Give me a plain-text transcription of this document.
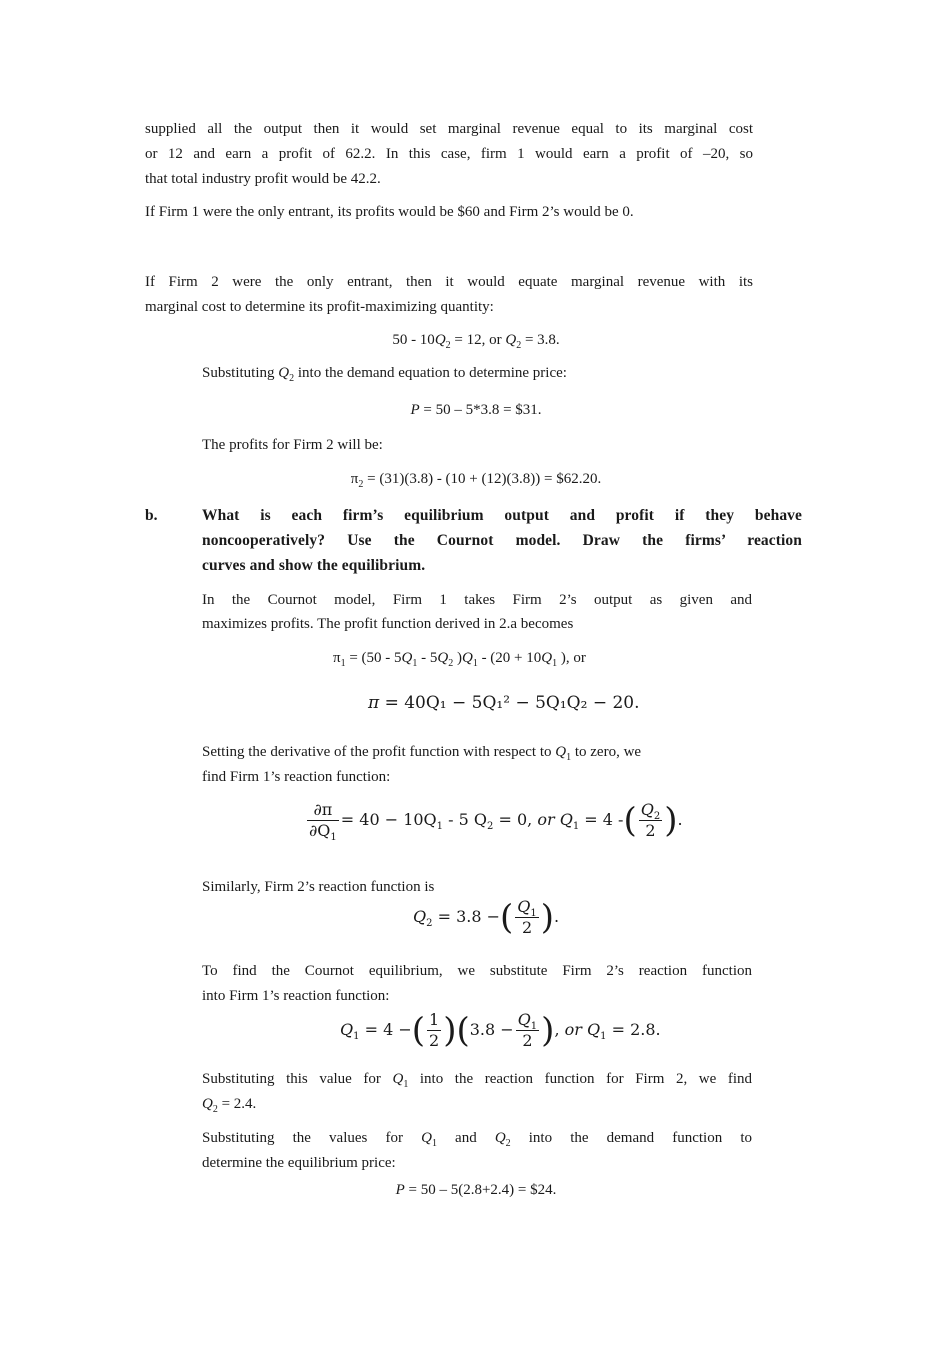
supplied all the output then it would set marginal revenue equal to its marginal cost
or 12 and earn a profit of 62.2. In this case, firm 1 would earn a profit of –20, so
that total industry profit would be 42.2.
If Firm 1 were the only entrant, its profits would be $60 and Firm 2’s would be 0.
If Firm 2 were the only entrant, then it would equate marginal revenue with its
marginal cost to determine its profit-maximizing quantity:
$50 - 10Q_2 = 12$, or $Q_2 = 3.8$.
Substituting $Q_2$ into the demand equation to determine price:
P = 50 – 5*3.8 = $31.
The profits for Firm 2 will be:
$\pi_2 = (31)(3.8) - (10 + (12)(3.8))$ = $62.20.
b.	What is each firm’s equilibrium output and profit if they behave
noncooperatively? Use the Cournot model. Draw the firms’ reaction
curves and show the equilibrium.
In the Cournot model, Firm 1 takes Firm 2’s output as given and
maximizes profits. The profit function derived in 2.a becomes
$\pi_1 = (50 - 5Q_1 - 5Q_2$ )$Q_1 - (20 + 10Q_1$ ), or
π = 40Q₁ − 5Q₁² − 5Q₁Q₂ − 20.
Setting the derivative of the profit function with respect to $Q_1$ to zero, we
find Firm 1’s reaction function:
$\frac{\partial\pi}{\partial Q_1} = 40 - 10Q_1 - 5$ $Q_2 = 0$, or $Q_1 = 4$ -( $\frac{Q_2}{2}$ ).
Similarly, Firm 2’s reaction function is
$Q_2 = 3.8$ −( $\frac{Q_1}{2}$ ).
To find the Cournot equilibrium, we substitute Firm 2’s reaction function
into Firm 1’s reaction function:
$Q_1 = 4$ −( $\frac{1}{2} )(3.8 - \frac{Q_1}{2}$ ), or $Q_1 = 2.8$.
Substituting this value for $Q_1$ into the reaction function for Firm 2, we find
$Q_2 = 2.4$.
Substituting the values for $Q_1$ and $Q_2$ into the demand function to
determine the equilibrium price:
P = 50 – 5(2.8+2.4) = $24.
